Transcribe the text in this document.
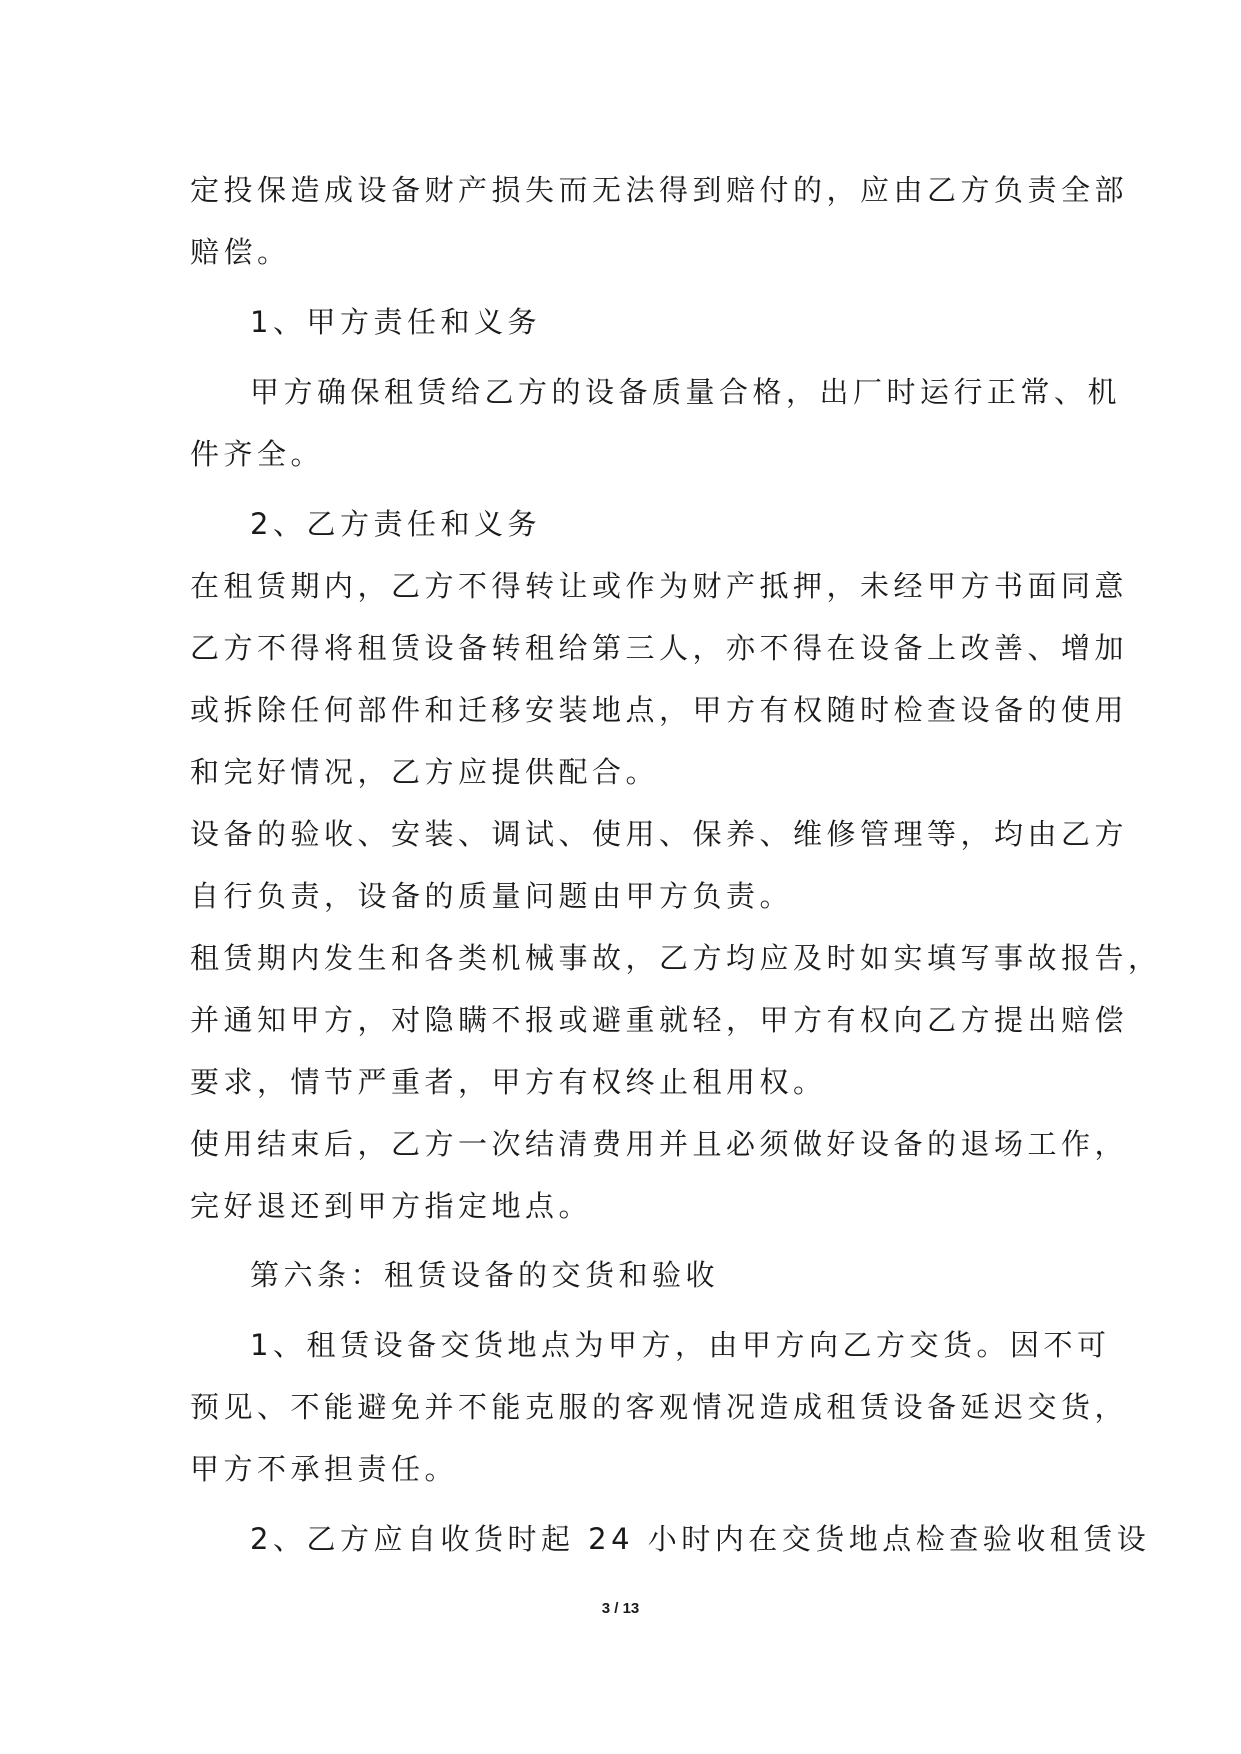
定投保造成设备财产损失而无法得到赔付的，应由乙方负责全部
赔偿。
1、甲方责任和义务
甲方确保租赁给乙方的设备质量合格，出厂时运行正常、机
件齐全。
2、乙方责任和义务
在租赁期内，乙方不得转让或作为财产抵押，未经甲方书面同意
乙方不得将租赁设备转租给第三人，亦不得在设备上改善、增加
或拆除任何部件和迁移安装地点，甲方有权随时检查设备的使用
和完好情况，乙方应提供配合。
设备的验收、安装、调试、使用、保养、维修管理等，均由乙方
自行负责，设备的质量问题由甲方负责。
租赁期内发生和各类机械事故，乙方均应及时如实填写事故报告，
并通知甲方，对隐瞒不报或避重就轻，甲方有权向乙方提出赔偿
要求，情节严重者，甲方有权终止租用权。
使用结束后，乙方一次结清费用并且必须做好设备的退场工作，
完好退还到甲方指定地点。
第六条：租赁设备的交货和验收
1、租赁设备交货地点为甲方，由甲方向乙方交货。因不可
预见、不能避免并不能克服的客观情况造成租赁设备延迟交货，
甲方不承担责任。
2、乙方应自收货时起 24 小时内在交货地点检查验收租赁设
3 / 13
